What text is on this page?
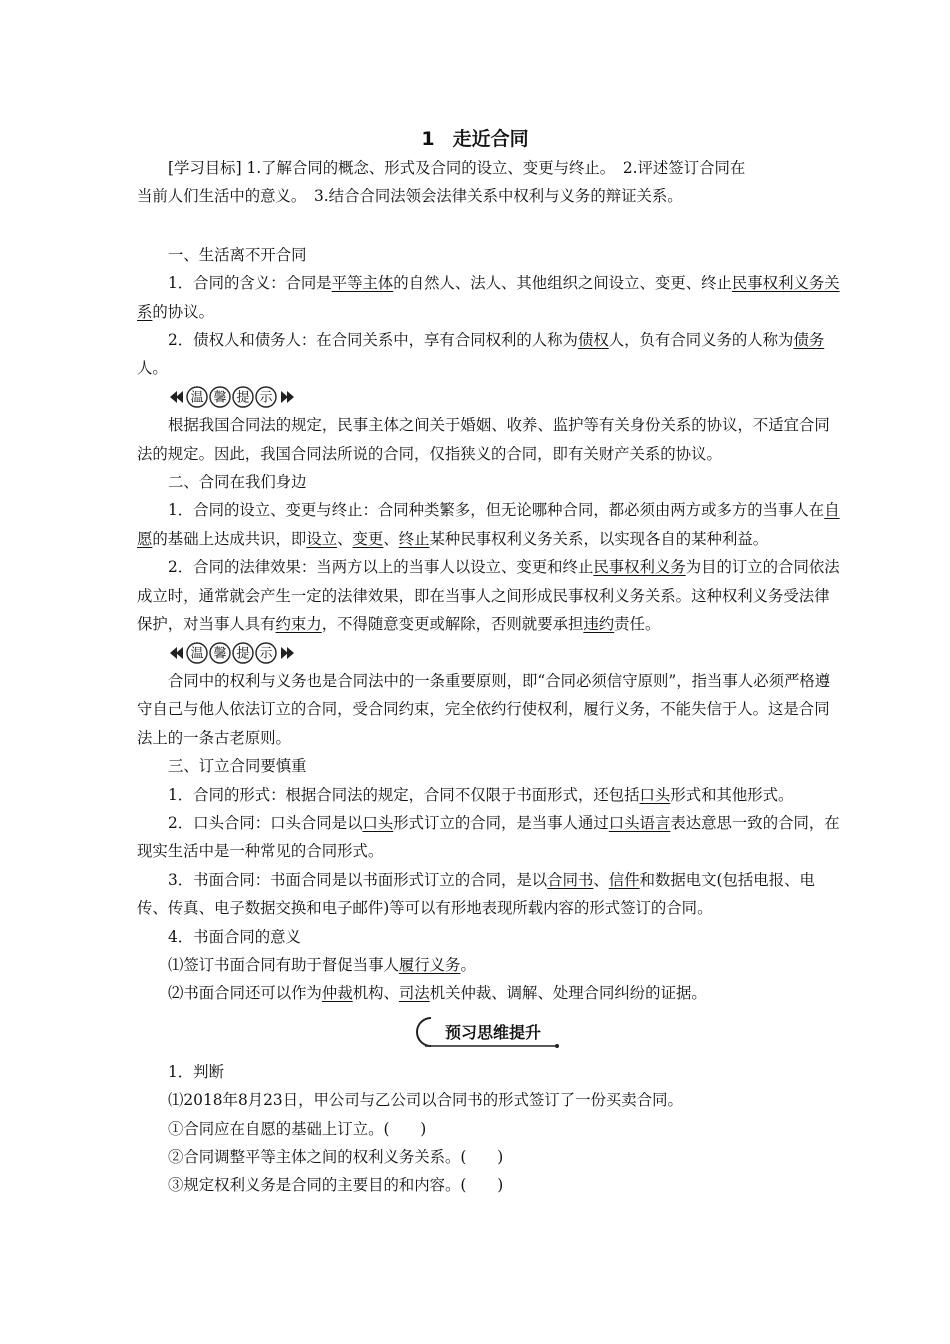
1 走近合同

[学习目标] 1.了解合同的概念、形式及合同的设立、变更与终止。　2.评述签订合同在

当前人们生活中的意义。　3.结合合同法领会法律关系中权利与义务的辩证关系。

一、生活离不开合同

1．合同的含义：合同是平等主体的自然人、法人、其他组织之间设立、变更、终止民事权利义务关系的协议。

2．债权人和债务人：在合同关系中，享有合同权利的人称为债权人，负有合同义务的人称为债务人。

温 馨 提 示

根据我国合同法的规定，民事主体之间关于婚姻、收养、监护等有关身份关系的协议，不适宜合同法的规定。因此，我国合同法所说的合同，仅指狭义的合同，即有关财产关系的协议。

二、合同在我们身边

1．合同的设立、变更与终止：合同种类繁多，但无论哪种合同，都必须由两方或多方的当事人在自愿的基础上达成共识，即设立、变更、终止某种民事权利义务关系，以实现各自的某种利益。

2．合同的法律效果：当两方以上的当事人以设立、变更和终止民事权利义务为目的订立的合同依法成立时，通常就会产生一定的法律效果，即在当事人之间形成民事权利义务关系。这种权利义务受法律保护，对当事人具有约束力，不得随意变更或解除，否则就要承担违约责任。

温 馨 提 示

合同中的权利与义务也是合同法中的一条重要原则，即“合同必须信守原则”，指当事人必须严格遵守自己与他人依法订立的合同，受合同约束，完全依约行使权利，履行义务，不能失信于人。这是合同法上的一条古老原则。

三、订立合同要慎重

1．合同的形式：根据合同法的规定，合同不仅限于书面形式，还包括口头形式和其他形式。

2．口头合同：口头合同是以口头形式订立的合同，是当事人通过口头语言表达意思一致的合同，在现实生活中是一种常见的合同形式。

3．书面合同：书面合同是以书面形式订立的合同，是以合同书、信件和数据电文(包括电报、电传、传真、电子数据交换和电子邮件)等可以有形地表现所载内容的形式签订的合同。

4．书面合同的意义

⑴签订书面合同有助于督促当事人履行义务。

⑵书面合同还可以作为仲裁机构、司法机关仲裁、调解、处理合同纠纷的证据。

预习思维提升

1．判断

⑴2018年8月23日，甲公司与乙公司以合同书的形式签订了一份买卖合同。

①合同应在自愿的基础上订立。(　　)

②合同调整平等主体之间的权利义务关系。(　　)

③规定权利义务是合同的主要目的和内容。(　　)
